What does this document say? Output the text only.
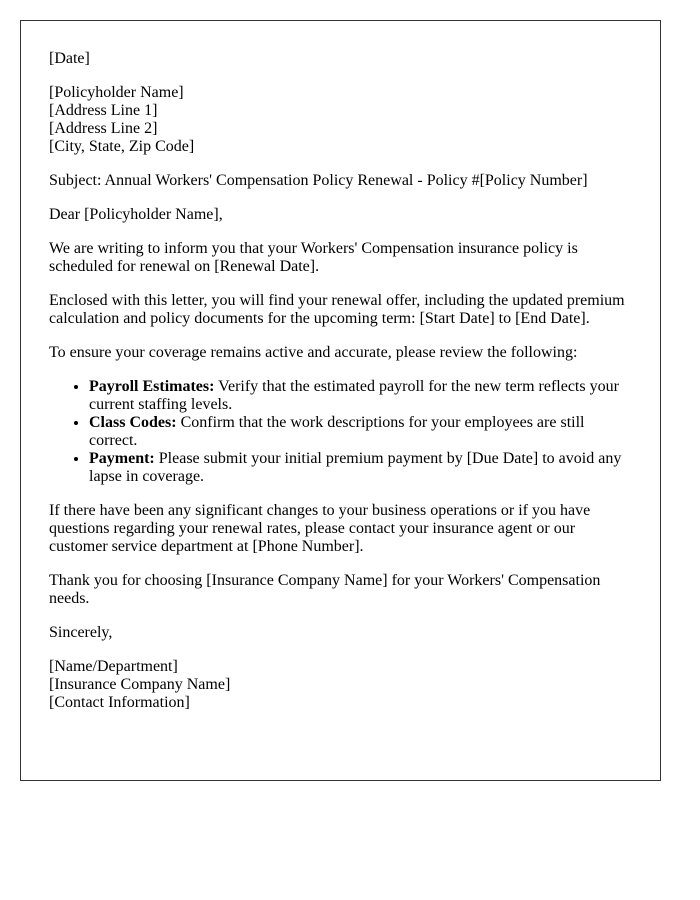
[Date]

[Policyholder Name]
[Address Line 1]
[Address Line 2]
[City, State, Zip Code]

Subject: Annual Workers' Compensation Policy Renewal - Policy #[Policy Number]

Dear [Policyholder Name],

We are writing to inform you that your Workers' Compensation insurance policy is scheduled for renewal on [Renewal Date].

Enclosed with this letter, you will find your renewal offer, including the updated premium calculation and policy documents for the upcoming term: [Start Date] to [End Date].

To ensure your coverage remains active and accurate, please review the following:

• Payroll Estimates: Verify that the estimated payroll for the new term reflects your current staffing levels.
• Class Codes: Confirm that the work descriptions for your employees are still correct.
• Payment: Please submit your initial premium payment by [Due Date] to avoid any lapse in coverage.

If there have been any significant changes to your business operations or if you have questions regarding your renewal rates, please contact your insurance agent or our customer service department at [Phone Number].

Thank you for choosing [Insurance Company Name] for your Workers' Compensation needs.

Sincerely,

[Name/Department]
[Insurance Company Name]
[Contact Information]
